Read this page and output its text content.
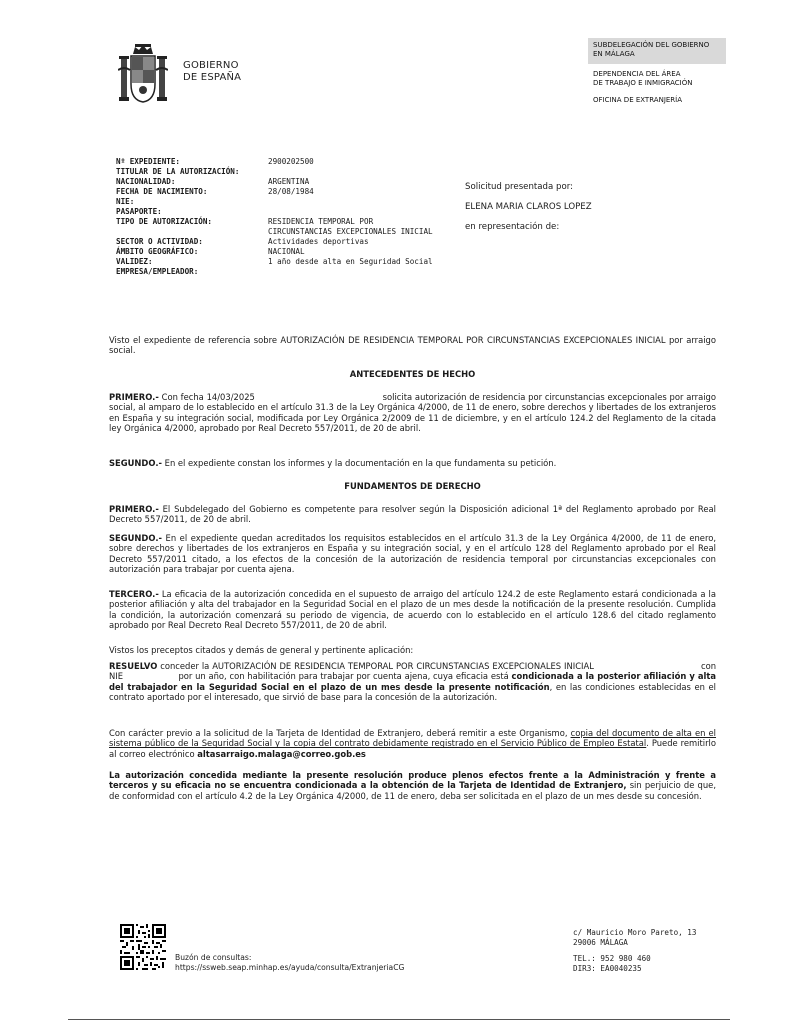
GOBIERNO
DE ESPAÑA
SUBDELEGACIÓN DEL GOBIERNO
EN MÁLAGA
DEPENDENCIA DEL ÁREA
DE TRABAJO E INMIGRACIÓN
OFICINA DE EXTRANJERÍA
Nº EXPEDIENTE:	2900202500
TITULAR DE LA AUTORIZACIÓN:
NACIONALIDAD:	ARGENTINA
FECHA DE NACIMIENTO:	28/08/1984
NIE:
PASAPORTE:
TIPO DE AUTORIZACIÓN:	RESIDENCIA TEMPORAL POR
CIRCUNSTANCIAS EXCEPCIONALES INICIAL
SECTOR O ACTIVIDAD:	Actividades deportivas
ÁMBITO GEOGRÁFICO:	NACIONAL
VALIDEZ:	1 año desde alta en Seguridad Social
EMPRESA/EMPLEADOR:
Solicitud presentada por:
ELENA MARIA CLAROS LOPEZ
en representación de:
Visto el expediente de referencia sobre AUTORIZACIÓN DE RESIDENCIA TEMPORAL POR CIRCUNSTANCIAS EXCEPCIONALES INICIAL por arraigo social.
ANTECEDENTES DE HECHO
PRIMERO.- Con fecha 14/03/2025                                              solicita autorización de residencia por circunstancias excepcionales por arraigo social, al amparo de lo establecido en el artículo 31.3 de la Ley Orgánica 4/2000, de 11 de enero, sobre derechos y libertades de los extranjeros en España y su integración social, modificada por Ley Orgánica 2/2009 de 11 de diciembre, y en el artículo 124.2 del Reglamento de la citada ley Orgánica 4/2000, aprobado por Real Decreto 557/2011, de 20 de abril.
SEGUNDO.- En el expediente constan los informes y la documentación en la que fundamenta su petición.
FUNDAMENTOS DE DERECHO
PRIMERO.- El Subdelegado del Gobierno es competente para resolver según la Disposición adicional 1ª del Reglamento aprobado por Real Decreto 557/2011, de 20 de abril.
SEGUNDO.- En el expediente quedan acreditados los requisitos establecidos en el artículo 31.3 de la Ley Orgánica 4/2000, de 11 de enero, sobre derechos y libertades de los extranjeros en España y su integración social, y en el artículo 128 del Reglamento aprobado por el Real Decreto 557/2011 citado, a los efectos de la concesión de la autorización de residencia temporal por circunstancias excepcionales con autorización para trabajar por cuenta ajena.
TERCERO.- La eficacia de la autorización concedida en el supuesto de arraigo del artículo 124.2 de este Reglamento estará condicionada a la posterior afiliación y alta del trabajador en la Seguridad Social en el plazo de un mes desde la notificación de la presente resolución. Cumplida la condición, la autorización comenzará su periodo de vigencia, de acuerdo con lo establecido en el artículo 128.6 del citado reglamento aprobado por Real Decreto Real Decreto 557/2011, de 20 de abril.
Vistos los preceptos citados y demás de general y pertinente aplicación:
RESUELVO conceder la AUTORIZACIÓN DE RESIDENCIA TEMPORAL POR CIRCUNSTANCIAS EXCEPCIONALES INICIAL                                     con NIE                    por un año, con habilitación para trabajar por cuenta ajena, cuya eficacia está condicionada a la posterior afiliación y alta del trabajador en la Seguridad Social en el plazo de un mes desde la presente notificación, en las condiciones establecidas en el contrato aportado por el interesado, que sirvió de base para la concesión de la autorización.
Con carácter previo a la solicitud de la Tarjeta de Identidad de Extranjero, deberá remitir a este Organismo, copia del documento de alta en el sistema público de la Seguridad Social y la copia del contrato debidamente registrado en el Servicio Público de Empleo Estatal. Puede remitirlo al correo electrónico altasarraigo.malaga@correo.gob.es
La autorización concedida mediante la presente resolución produce plenos efectos frente a la Administración y frente a terceros y su eficacia no se encuentra condicionada a la obtención de la Tarjeta de Identidad de Extranjero, sin perjuicio de que, de conformidad con el artículo 4.2 de la Ley Orgánica 4/2000, de 11 de enero, deba ser solicitada en el plazo de un mes desde su concesión.
Buzón de consultas:
https://ssweb.seap.minhap.es/ayuda/consulta/ExtranjeriaCG
c/ Mauricio Moro Pareto, 13
29006 MÁLAGA
TEL.: 952 980 460
DIR3: EA0040235
